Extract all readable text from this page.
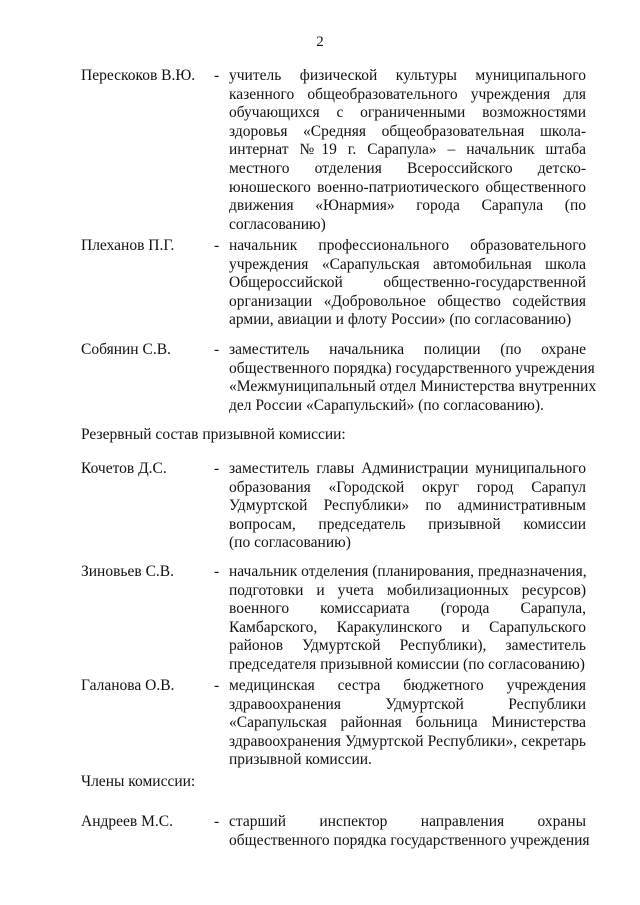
2
Перескоков В.Ю.	- учитель физической культуры муниципального
казенного общеобразовательного учреждения для
обучающихся с ограниченными возможностями
здоровья «Средняя общеобразовательная школа-
интернат №19 г. Сарапула» – начальник штаба
местного отделения Всероссийского детско-
юношеского военно-патриотического общественного
движения «Юнармия» города Сарапула (по
согласованию)
Плеханов П.Г.	- начальник профессионального образовательного
учреждения «Сарапульская автомобильная школа
Общероссийской общественно-государственной
организации «Добровольное общество содействия
армии, авиации и флоту России» (по согласованию)
Собянин С.В.	- заместитель начальника полиции (по охране
общественного порядка) государственного учреждения
«Межмуниципальный отдел Министерства внутренних
дел России «Сарапульский» (по согласованию).
Резервный состав призывной комиссии:
Кочетов Д.С.	- заместитель главы Администрации муниципального
образования «Городской округ город Сарапул
Удмуртской Республики» по административным
вопросам, председатель призывной комиссии
(по согласованию)
Зиновьев С.В.	- начальник отделения (планирования, предназначения,
подготовки и учета мобилизационных ресурсов)
военного комиссариата (города Сарапула,
Камбарского, Каракулинского и Сарапульского
районов Удмуртской Республики), заместитель
председателя призывной комиссии (по согласованию)
Галанова О.В.	- медицинская сестра бюджетного учреждения
здравоохранения Удмуртской Республики
«Сарапульская районная больница Министерства
здравоохранения Удмуртской Республики», секретарь
призывной комиссии.
Члены комиссии:
Андреев М.С.	- старший инспектор направления охраны
общественного порядка государственного учреждения
